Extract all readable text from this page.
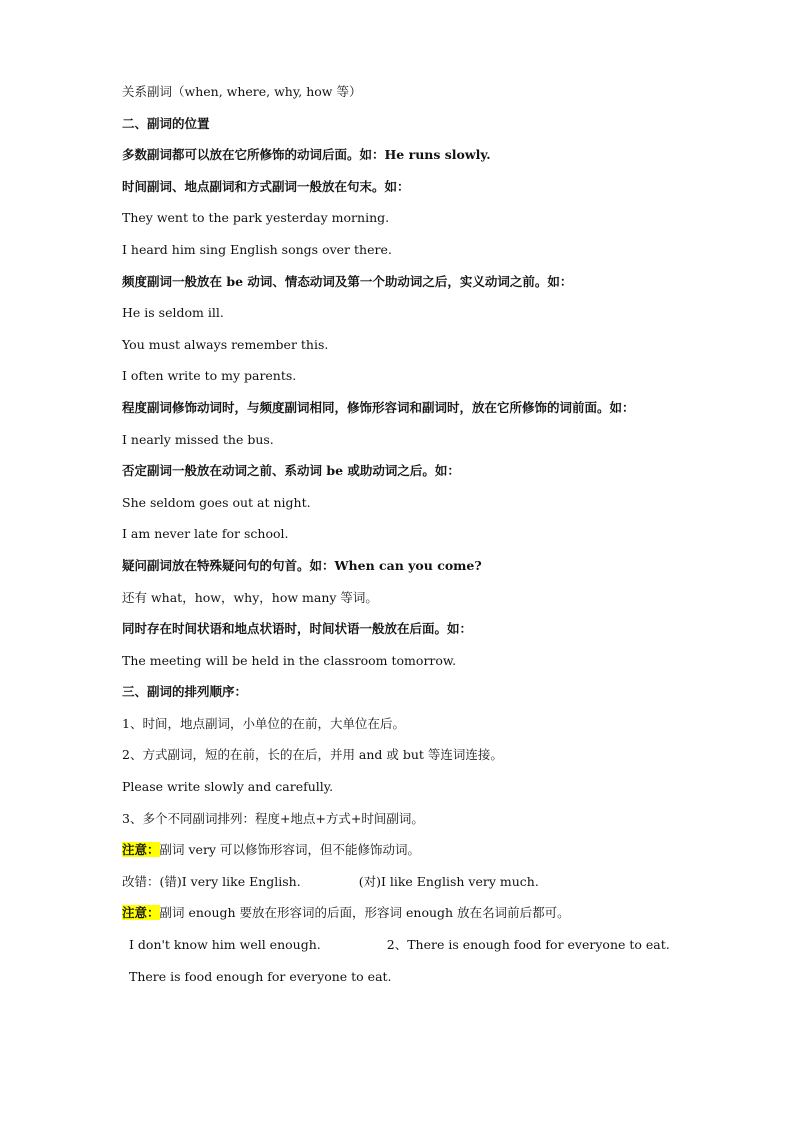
关系副词（when, where, why, how 等）
二、副词的位置
多数副词都可以放在它所修饰的动词后面。如：He runs slowly.
时间副词、地点副词和方式副词一般放在句末。如：
They went to the park yesterday morning.
I heard him sing English songs over there.
频度副词一般放在 be 动词、情态动词及第一个助动词之后，实义动词之前。如：
He is seldom ill.
You must always remember this.
I often write to my parents.
程度副词修饰动词时，与频度副词相同，修饰形容词和副词时，放在它所修饰的词前面。如：
I nearly missed the bus.
否定副词一般放在动词之前、系动词 be 或助动词之后。如：
She seldom goes out at night.
I am never late for school.
疑问副词放在特殊疑问句的句首。如：When can you come?
还有 what，how，why，how many 等词。
同时存在时间状语和地点状语时，时间状语一般放在后面。如：
The meeting will be held in the classroom tomorrow.
三、副词的排列顺序：
1、时间，地点副词，小单位的在前，大单位在后。
2、方式副词，短的在前，长的在后，并用 and 或 but 等连词连接。
Please write slowly and carefully.
3、多个不同副词排列：程度+地点+方式+时间副词。
注意：副词 very 可以修饰形容词，但不能修饰动词。
改错：(错)I very like English.	(对)I like English very much.
注意：副词 enough 要放在形容词的后面，形容词 enough 放在名词前后都可。
I don't know him well enough.	2、There is enough food for everyone to eat.
There is food enough for everyone to eat.
